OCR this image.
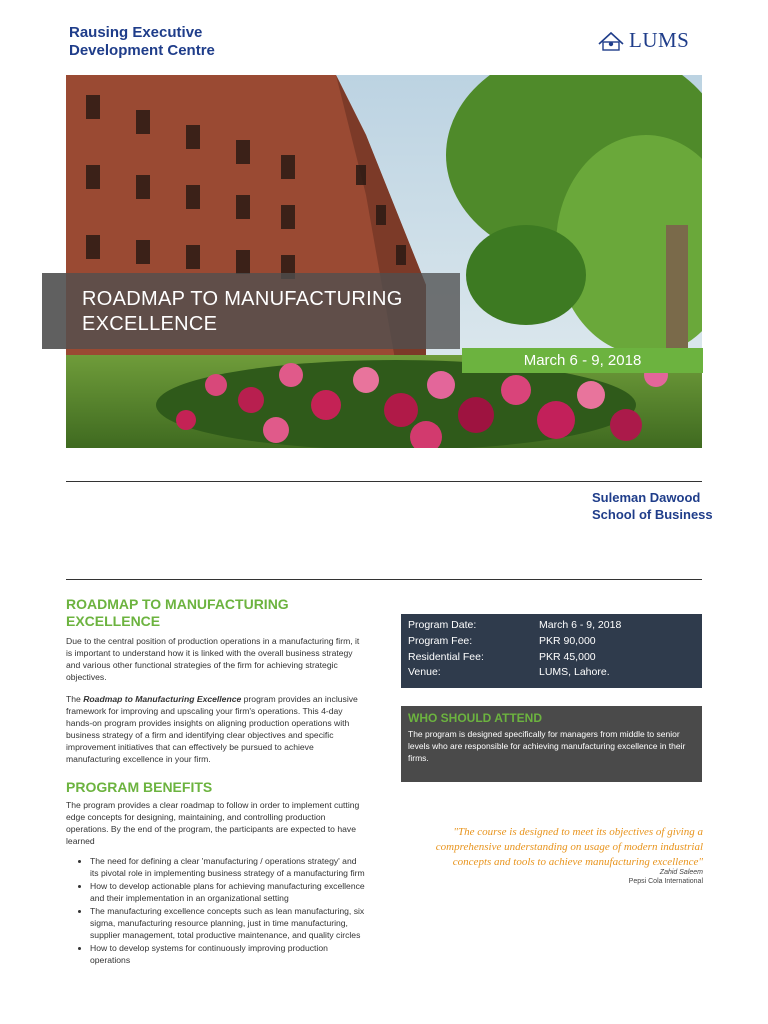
Rausing Executive
Development Centre	LUMS
ROADMAP TO MANUFACTURING
EXCELLENCE
March 6 - 9, 2018
Suleman Dawood
School of Business
ROADMAP TO MANUFACTURING
EXCELLENCE

Due to the central position of production operations in a manufacturing firm, it is important to understand how it is linked with the overall business strategy and various other functional strategies of the firm for achieving strategic objectives.

The Roadmap to Manufacturing Excellence program provides an inclusive framework for improving and upscaling your firm's operations. This 4-day hands-on program provides insights on aligning production operations with business strategy of a firm and identifying clear objectives and specific improvement initiatives that can effectively be pursued to achieve manufacturing excellence in your firm.

PROGRAM BENEFITS
The program provides a clear roadmap to follow in order to implement cutting edge concepts for designing, maintaining, and controlling production operations. By the end of the program, the participants are expected to have learned
• The need for defining a clear 'manufacturing / operations strategy' and its pivotal role in implementing business strategy of a manufacturing firm
• How to develop actionable plans for achieving manufacturing excellence and their implementation in an organizational setting
• The manufacturing excellence concepts such as lean manufacturing, six sigma, manufacturing resource planning, just in time manufacturing, supplier management, total productive maintenance, and quality circles
• How to develop systems for continuously improving production operations
Program Date:	March 6 - 9, 2018
Program Fee:	PKR 90,000
Residential Fee:	PKR 45,000
Venue:	LUMS, Lahore.
WHO SHOULD ATTEND
The program is designed specifically for managers from middle to senior levels who are responsible for achieving manufacturing excellence in their firms.
"The course is designed to meet its objectives of giving a
comprehensive understanding on usage of modern industrial
concepts and tools to achieve manufacturing excellence"
Zahid Saleem
Pepsi Cola International
